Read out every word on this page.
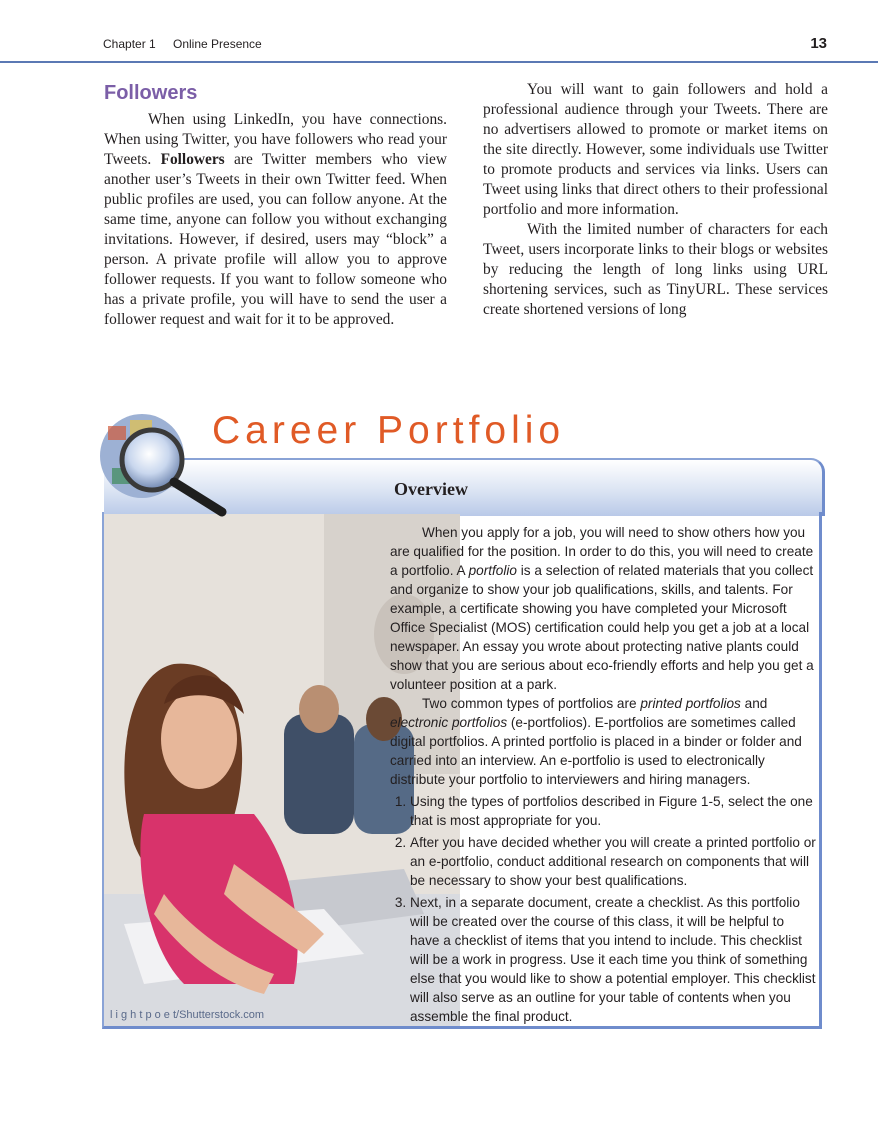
Chapter 1 Online Presence	13
Followers

When using LinkedIn, you have connections. When using Twitter, you have followers who read your Tweets. Followers are Twitter members who view another user’s Tweets in their own Twitter feed. When public profiles are used, you can follow anyone. At the same time, anyone can follow you without exchanging invitations. However, if desired, users may “block” a person. A private profile will allow you to approve follower requests. If you want to follow someone who has a private profile, you will have to send the user a follower request and wait for it to be approved.

You will want to gain followers and hold a professional audience through your Tweets. There are no advertisers allowed to promote or market items on the site directly. However, some individuals use Twitter to promote products and services via links. Users can Tweet using links that direct others to their professional portfolio and more information.

With the limited number of characters for each Tweet, users incorporate links to their blogs or websites by reducing the length of long links using URL shortening services, such as TinyURL. These services create shortened versions of long

Overview
l i g h t p o e t/Shutterstock.com
Career Portfolio

When you apply for a job, you will need to show others how you are qualified for the position. In order to do this, you will need to create a portfolio. A portfolio is a selection of related materials that you collect and organize to show your job qualifications, skills, and talents. For example, a certificate showing you have completed your Microsoft Office Specialist (MOS) certification could help you get a job at a local newspaper. An essay you wrote about protecting native plants could show that you are serious about eco-friendly efforts and help you get a volunteer position at a park.

Two common types of portfolios are printed portfolios and electronic portfolios (e-portfolios). E-portfolios are sometimes called digital portfolios. A printed portfolio is placed in a binder or folder and carried into an interview. An e-portfolio is used to electronically distribute your portfolio to interviewers and hiring managers.

1. Using the types of portfolios described in Figure 1-5, select the one that is most appropriate for you.
2. After you have decided whether you will create a printed portfolio or an e-portfolio, conduct additional research on components that will be necessary to show your best qualifications.
3. Next, in a separate document, create a checklist. As this portfolio will be created over the course of this class, it will be helpful to have a checklist of items that you intend to include. This checklist will be a work in progress. Use it each time you think of something else that you would like to show a potential employer. This checklist will also serve as an outline for your table of contents when you assemble the final product.
